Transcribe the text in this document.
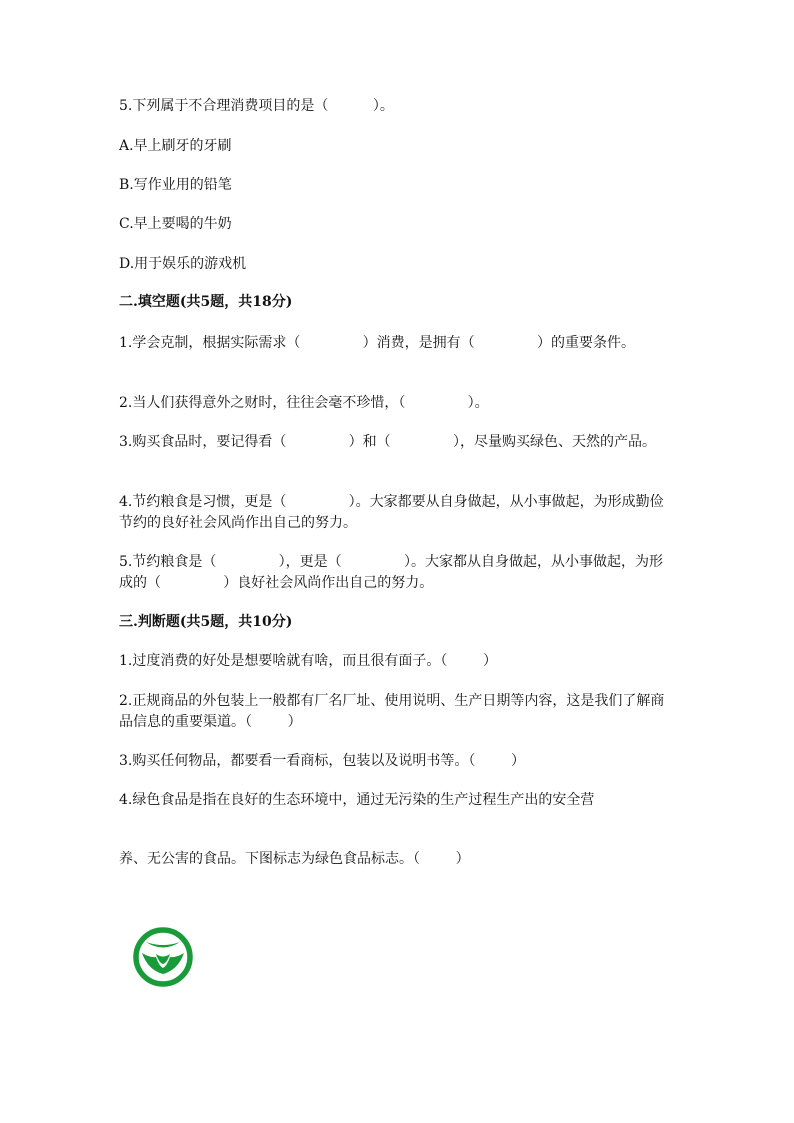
5.下列属于不合理消费项目的是（          ）。
A.早上刷牙的牙刷
B.写作业用的铅笔
C.早上要喝的牛奶
D.用于娱乐的游戏机
二.填空题(共5题，共18分)
1.学会克制，根据实际需求（              ）消费，是拥有（              ）的重要条件。
2.当人们获得意外之财时，往往会毫不珍惜，（              ）。
3.购买食品时，要记得看（              ）和（              ），尽量购买绿色、天然的产品。
4.节约粮食是习惯，更是（              ）。大家都要从自身做起，从小事做起，为形成勤俭节约的良好社会风尚作出自己的努力。
5.节约粮食是（              ），更是（              ）。大家都从自身做起，从小事做起，为形成的（              ）良好社会风尚作出自己的努力。
三.判断题(共5题，共10分)
1.过度消费的好处是想要啥就有啥，而且很有面子。（        ）
2.正规商品的外包装上一般都有厂名厂址、使用说明、生产日期等内容，这是我们了解商品信息的重要渠道。（        ）
3.购买任何物品，都要看一看商标，包装以及说明书等。（        ）
4.绿色食品是指在良好的生态环境中，通过无污染的生产过程生产出的安全营
养、无公害的食品。下图标志为绿色食品标志。（        ）
